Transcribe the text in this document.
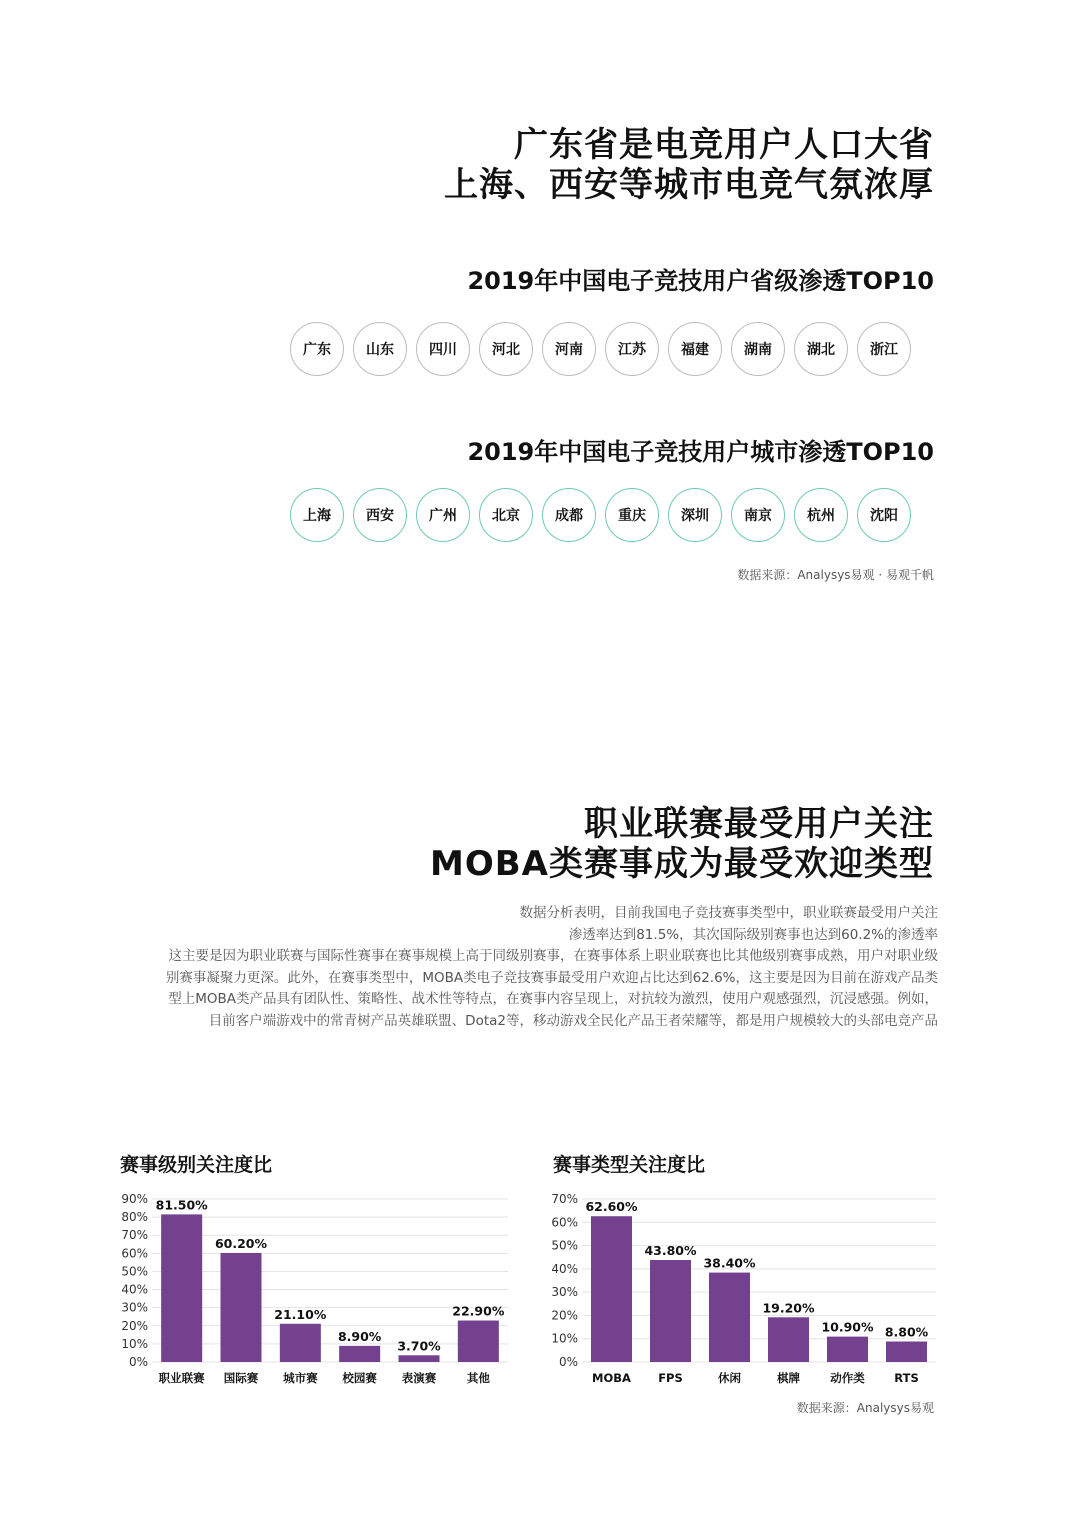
广东省是电竞用户人口大省
上海、西安等城市电竞气氛浓厚
2019年中国电子竞技用户省级渗透TOP10
广东	山东	四川	河北	河南	江苏	福建	湖南	湖北	浙江
2019年中国电子竞技用户城市渗透TOP10
上海	西安	广州	北京	成都	重庆	深圳	南京	杭州	沈阳
数据来源：Analysys易观 · 易观千帆
职业联赛最受用户关注
MOBA类赛事成为最受欢迎类型
数据分析表明，目前我国电子竞技赛事类型中，职业联赛最受用户关注
渗透率达到81.5%，其次国际级别赛事也达到60.2%的渗透率
这主要是因为职业联赛与国际性赛事在赛事规模上高于同级别赛事，在赛事体系上职业联赛也比其他级别赛事成熟，用户对职业级
别赛事凝聚力更深。此外，在赛事类型中，MOBA类电子竞技赛事最受用户欢迎占比达到62.6%，这主要是因为目前在游戏产品类
型上MOBA类产品具有团队性、策略性、战术性等特点，在赛事内容呈现上，对抗较为激烈，使用户观感强烈，沉浸感强。例如，
目前客户端游戏中的常青树产品英雄联盟、Dota2等，移动游戏全民化产品王者荣耀等，都是用户规模较大的头部电竞产品
赛事级别关注度比	赛事类型关注度比
0%
10%
20%
30%
40%
50%
60%
70%
80%
90% 81.50%
职业联赛
60.20%
国际赛
21.10%
城市赛
8.90%
校园赛
3.70%
表演赛
22.90%
其他
0%
10%
20%
30%
40%
50%
60%
70%
62.60%
MOBA
43.80%
FPS
38.40%
休闲
19.20%
棋牌
10.90%
动作类
8.80%
RTS
数据来源：Analysys易观
